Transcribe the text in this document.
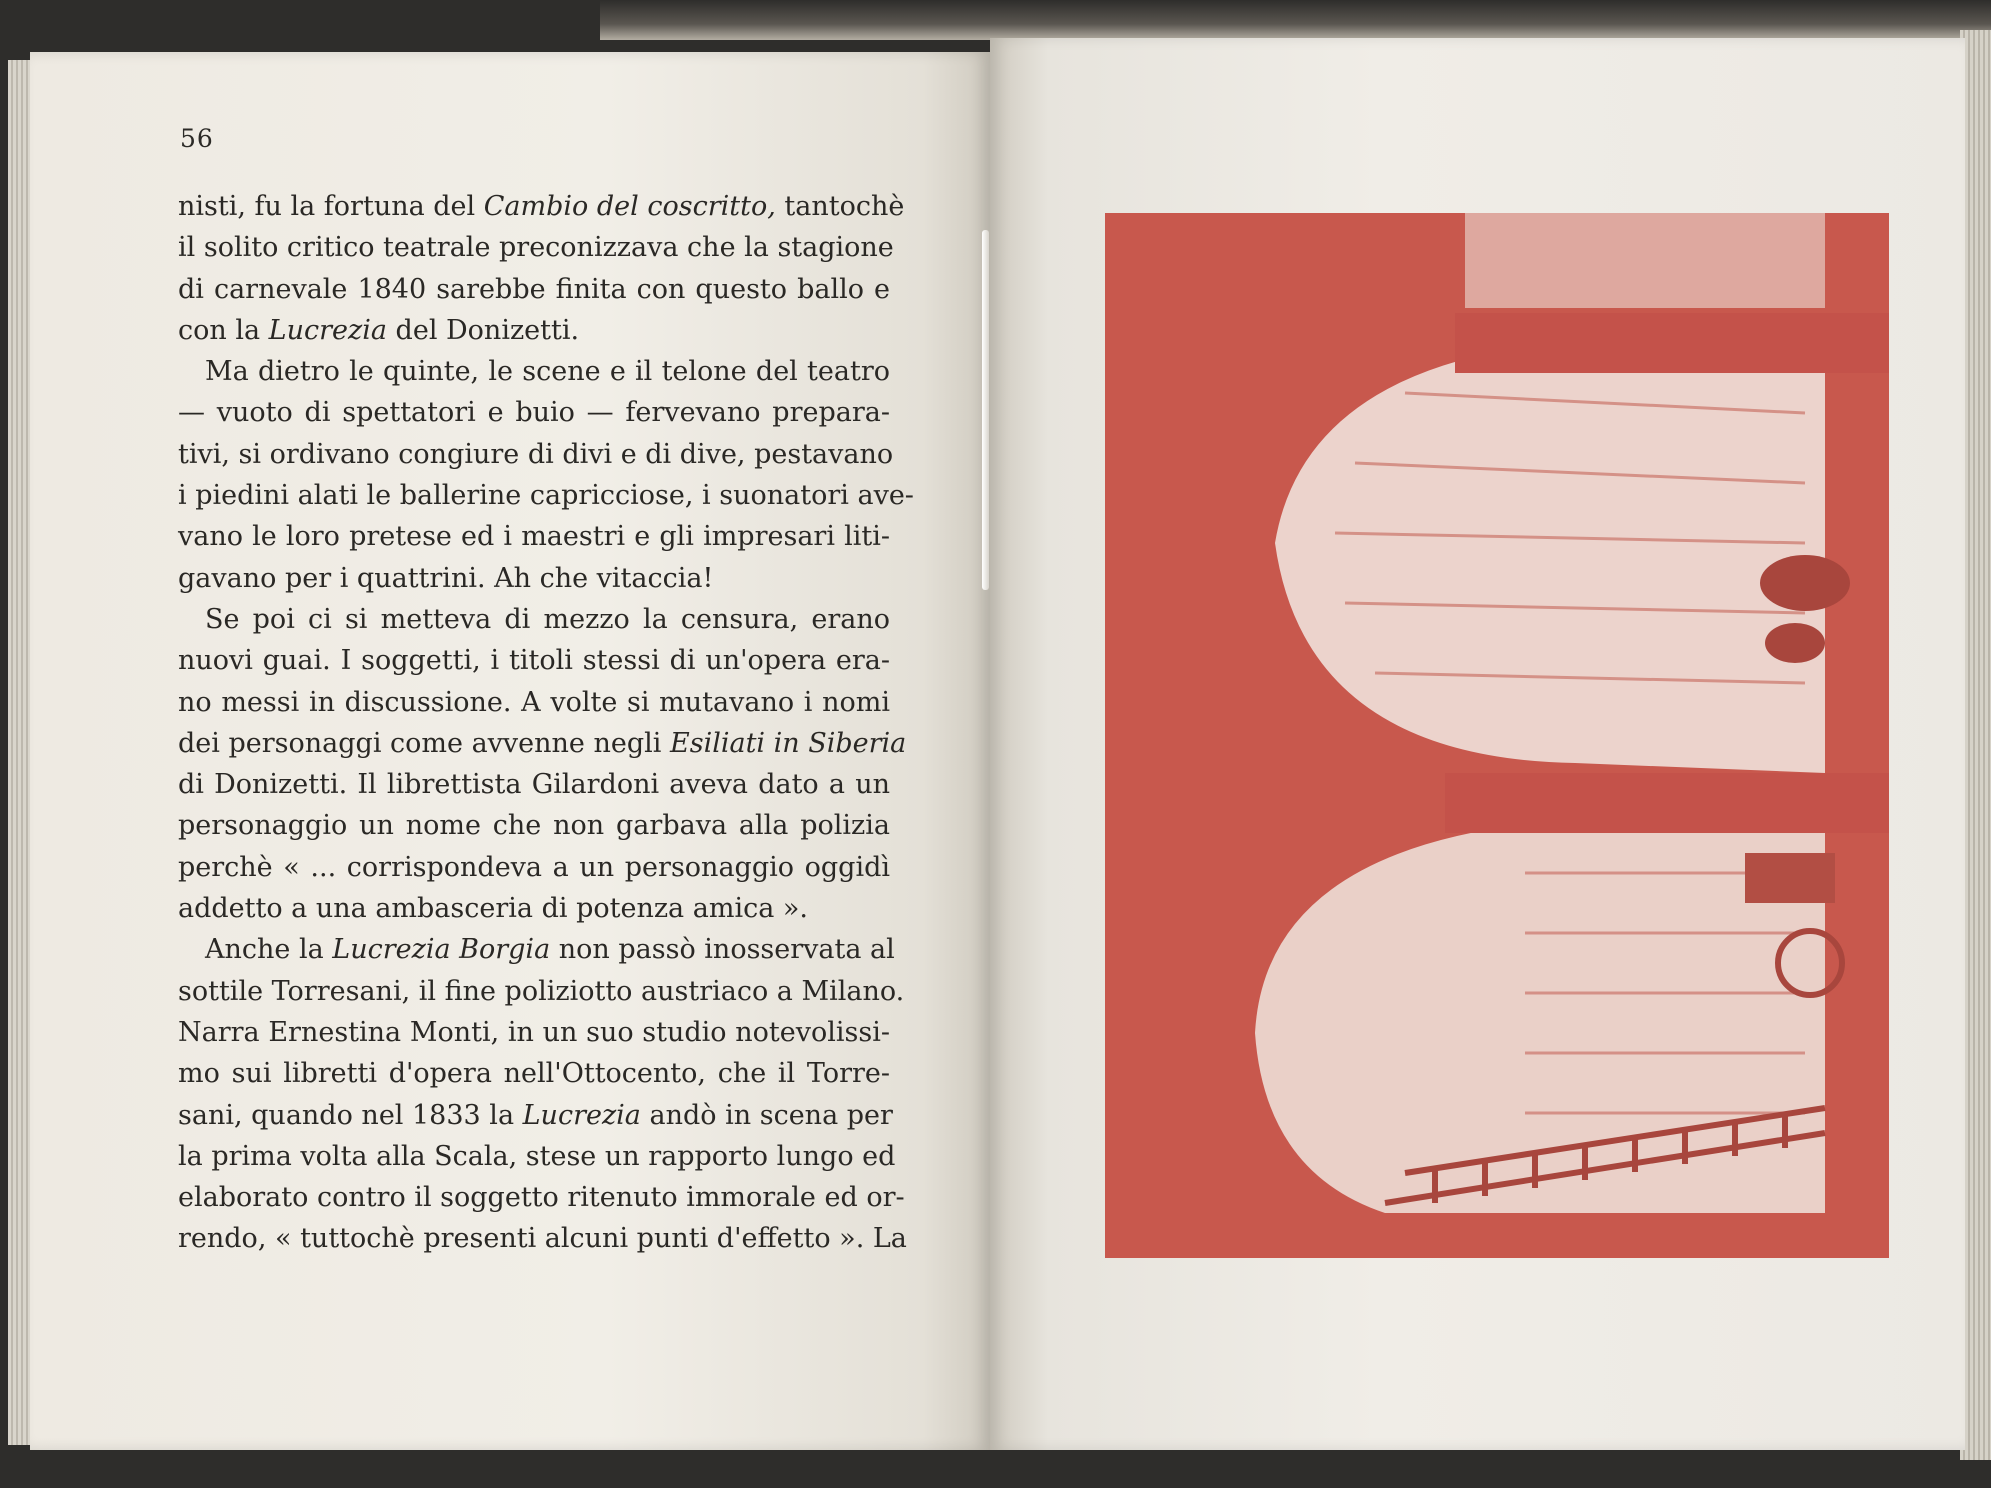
56
nisti, fu la fortuna del Cambio del coscritto, tantochè
il solito critico teatrale preconizzava che la stagione
di carnevale 1840 sarebbe finita con questo ballo e
con la Lucrezia del Donizetti.
Ma dietro le quinte, le scene e il telone del teatro
— vuoto di spettatori e buio — fervevano prepara-
tivi, si ordivano congiure di divi e di dive, pestavano
i piedini alati le ballerine capricciose, i suonatori ave-
vano le loro pretese ed i maestri e gli impresari liti-
gavano per i quattrini. Ah che vitaccia!
Se poi ci si metteva di mezzo la censura, erano
nuovi guai. I soggetti, i titoli stessi di un'opera era-
no messi in discussione. A volte si mutavano i nomi
dei personaggi come avvenne negli Esiliati in Siberia
di Donizetti. Il librettista Gilardoni aveva dato a un
personaggio un nome che non garbava alla polizia
perchè « ... corrispondeva a un personaggio oggidì
addetto a una ambasceria di potenza amica ».
Anche la Lucrezia Borgia non passò inosservata al
sottile Torresani, il fine poliziotto austriaco a Milano.
Narra Ernestina Monti, in un suo studio notevolissi-
mo sui libretti d'opera nell'Ottocento, che il Torre-
sani, quando nel 1833 la Lucrezia andò in scena per
la prima volta alla Scala, stese un rapporto lungo ed
elaborato contro il soggetto ritenuto immorale ed or-
rendo, « tuttochè presenti alcuni punti d'effetto ». La
